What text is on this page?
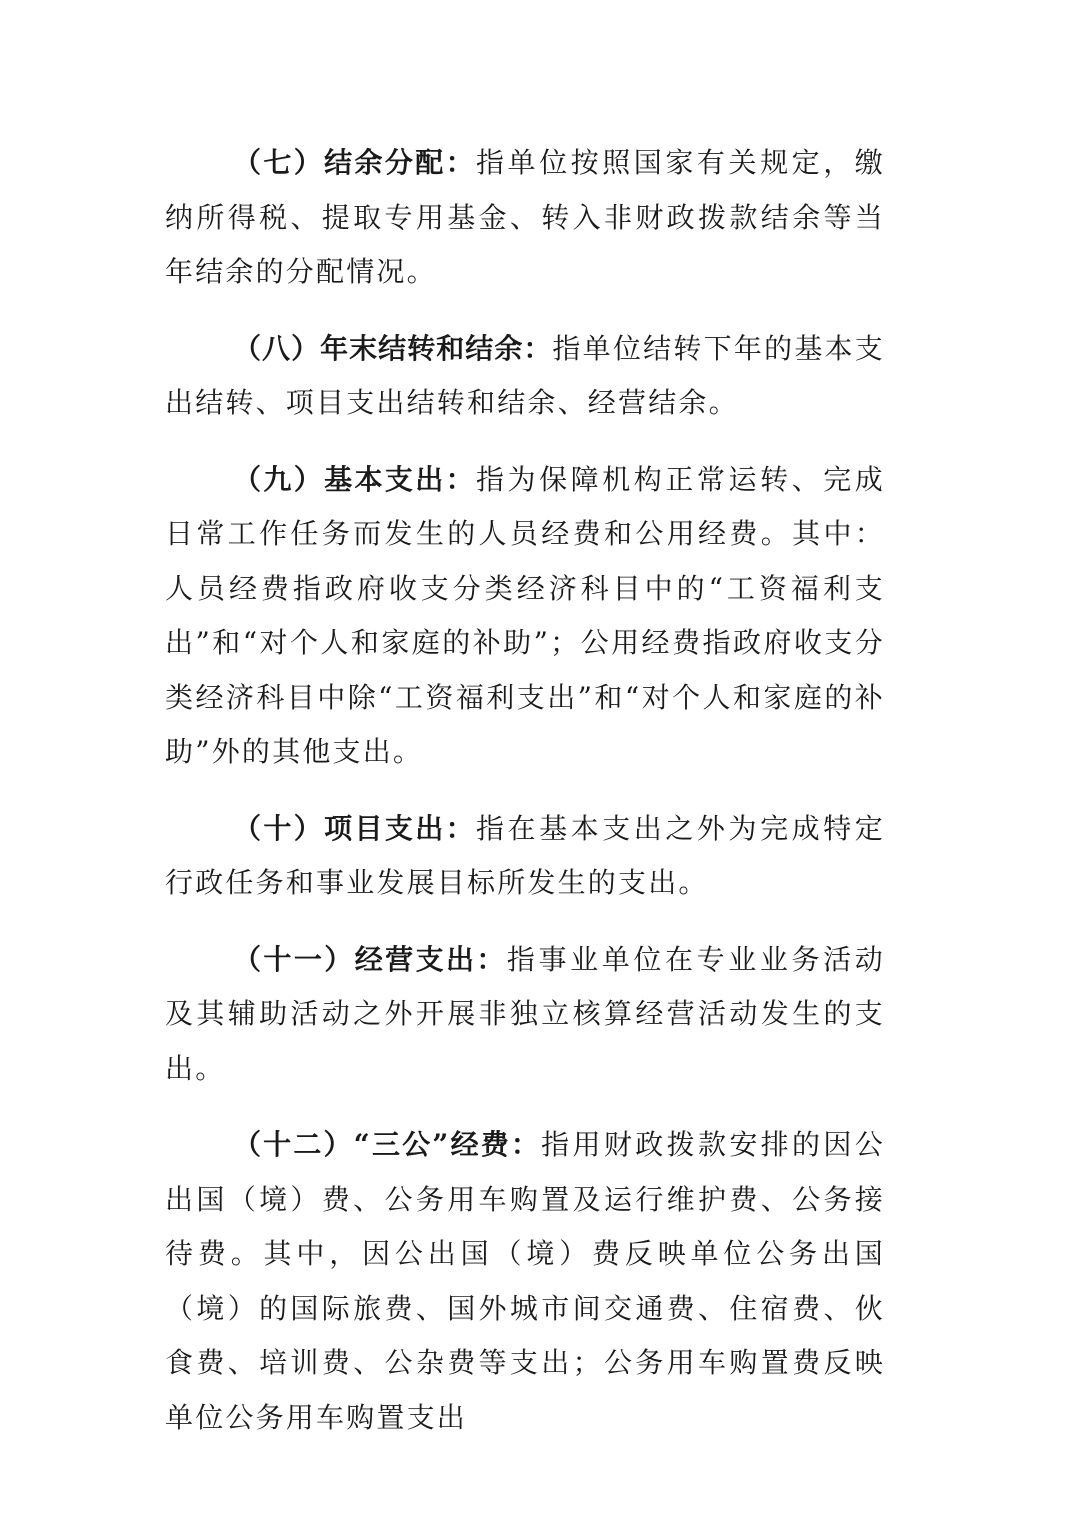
（七）结余分配：指单位按照国家有关规定，缴纳所得税、提取专用基金、转入非财政拨款结余等当年结余的分配情况。

（八）年末结转和结余：指单位结转下年的基本支出结转、项目支出结转和结余、经营结余。

（九）基本支出：指为保障机构正常运转、完成日常工作任务而发生的人员经费和公用经费。其中：人员经费指政府收支分类经济科目中的“工资福利支出”和“对个人和家庭的补助”；公用经费指政府收支分类经济科目中除“工资福利支出”和“对个人和家庭的补助”外的其他支出。

（十）项目支出：指在基本支出之外为完成特定行政任务和事业发展目标所发生的支出。

（十一）经营支出：指事业单位在专业业务活动及其辅助活动之外开展非独立核算经营活动发生的支出。

（十二）“三公”经费：指用财政拨款安排的因公出国（境）费、公务用车购置及运行维护费、公务接待费。其中，因公出国（境）费反映单位公务出国（境）的国际旅费、国外城市间交通费、住宿费、伙食费、培训费、公杂费等支出；公务用车购置费反映单位公务用车购置支出
